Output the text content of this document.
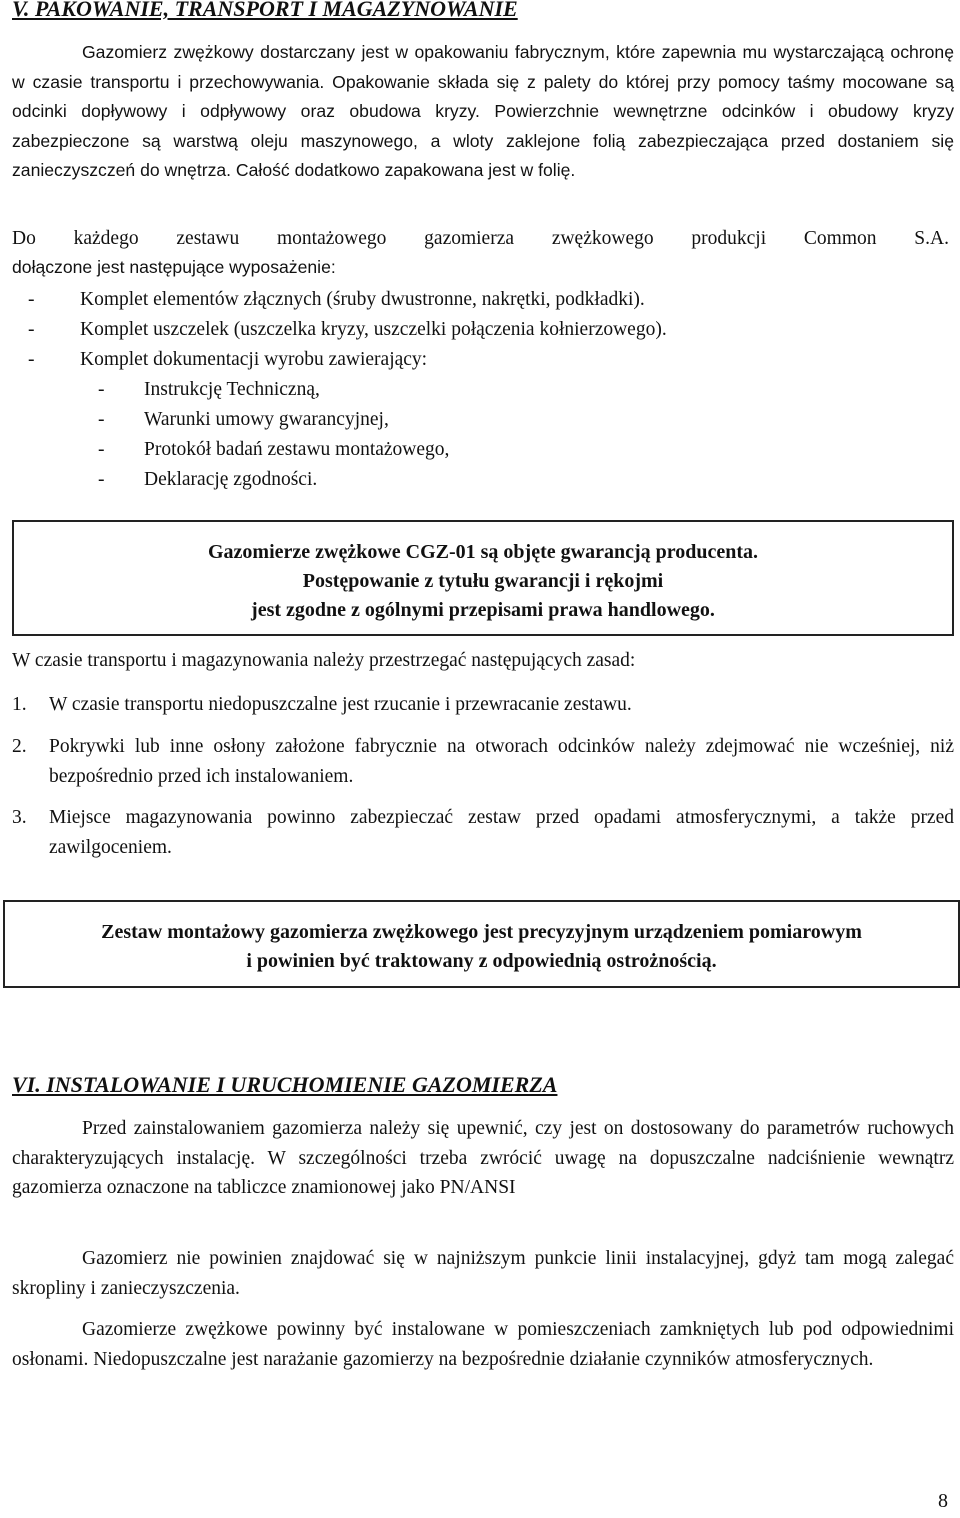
V. PAKOWANIE, TRANSPORT I MAGAZYNOWANIE

Gazomierz zwężkowy dostarczany jest w opakowaniu fabrycznym, które zapewnia mu wystarczającą ochronę w czasie transportu i przechowywania. Opakowanie składa się z palety do której przy pomocy taśmy mocowane są odcinki dopływowy i odpływowy oraz obudowa kryzy. Powierzchnie wewnętrzne odcinków i obudowy kryzy zabezpieczone są warstwą oleju maszynowego, a wloty zaklejone folią zabezpieczająca przed dostaniem się zanieczyszczeń do wnętrza. Całość dodatkowo zapakowana jest w folię.

Do każdego zestawu montażowego gazomierza zwężkowego produkcji Common S.A.

dołączone jest następujące wyposażenie:

- Komplet elementów złącznych (śruby dwustronne, nakrętki, podkładki).
- Komplet uszczelek (uszczelka kryzy, uszczelki połączenia kołnierzowego).
- Komplet dokumentacji wyrobu zawierający:
- Instrukcję Techniczną,
- Warunki umowy gwarancyjnej,
- Protokół badań zestawu montażowego,
- Deklarację zgodności.

Gazomierze zwężkowe CGZ-01 są objęte gwarancją producenta.

Postępowanie z tytułu gwarancji i rękojmi

jest zgodne z ogólnymi przepisami prawa handlowego.

W czasie transportu i magazynowania należy przestrzegać następujących zasad:

1. W czasie transportu niedopuszczalne jest rzucanie i przewracanie zestawu.
2. Pokrywki lub inne osłony założone fabrycznie na otworach odcinków należy zdejmować nie wcześniej, niż bezpośrednio przed ich instalowaniem.
3. Miejsce magazynowania powinno zabezpieczać zestaw przed opadami atmosferycznymi, a także przed zawilgoceniem.

Zestaw montażowy gazomierza zwężkowego jest precyzyjnym urządzeniem pomiarowym

i powinien być traktowany z odpowiednią ostrożnością.

VI. INSTALOWANIE I URUCHOMIENIE GAZOMIERZA

Przed zainstalowaniem gazomierza należy się upewnić, czy jest on dostosowany do parametrów ruchowych charakteryzujących instalację. W szczególności trzeba zwrócić uwagę na dopuszczalne nadciśnienie wewnątrz gazomierza oznaczone na tabliczce znamionowej jako PN/ANSI

Gazomierz nie powinien znajdować się w najniższym punkcie linii instalacyjnej, gdyż tam mogą zalegać skropliny i zanieczyszczenia.

Gazomierze zwężkowe powinny być instalowane w pomieszczeniach zamkniętych lub pod odpowiednimi osłonami. Niedopuszczalne jest narażanie gazomierzy na bezpośrednie działanie czynników atmosferycznych.

8
